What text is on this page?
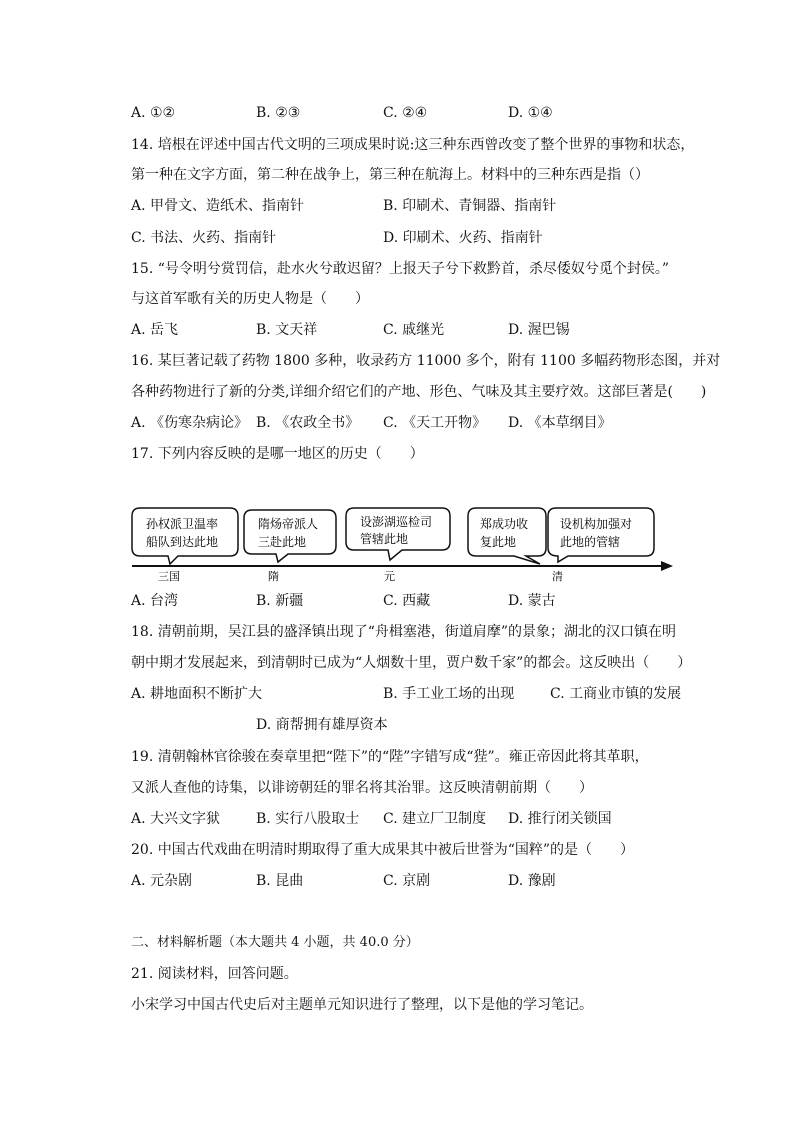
A. ①②	B. ②③	C. ②④	D. ①④
14. 培根在评述中国古代文明的三项成果时说:这三种东西曾改变了整个世界的事物和状态，
第一种在文字方面，第二种在战争上，第三种在航海上。材料中的三种东西是指（）
A. 甲骨文、造纸术、指南针	B. 印刷术、青铜器、指南针
C. 书法、火药、指南针	D. 印刷术、火药、指南针
15. “号令明兮赏罚信，赴水火兮敢迟留？上报天子兮下救黔首，杀尽倭奴兮觅个封侯。”
与这首军歌有关的历史人物是（　　）
A. 岳飞	B. 文天祥	C. 戚继光	D. 渥巴锡
16. 某巨著记载了药物 1800 多种，收录药方 11000 多个，附有 1100 多幅药物形态图，并对
各种药物进行了新的分类,详细介绍它们的产地、形色、气味及其主要疗效。这部巨著是(　　)
A. 《伤寒杂病论》 B. 《农政全书》 C. 《天工开物》 D. 《本草纲目》
17. 下列内容反映的是哪一地区的历史（　　）
孙权派卫温率
船队到达此地
隋炀帝派人
三赴此地
设澎湖巡检司
管辖此地
郑成功收
复此地
设机构加强对
此地的管辖
三国	隋	元	清
A. 台湾	B. 新疆	C. 西藏	D. 蒙古
18. 清朝前期，吴江县的盛泽镇出现了“舟楫塞港，街道肩摩”的景象；湖北的汉口镇在明
朝中期才发展起来，到清朝时已成为“人烟数十里，贾户数千家”的都会。这反映出（　　）
A. 耕地面积不断扩大	B. 手工业工场的出现	C. 工商业市镇的发展
D. 商帮拥有雄厚资本
19. 清朝翰林官徐骏在奏章里把“陛下”的“陛”字错写成“狴”。雍正帝因此将其革职，
又派人查他的诗集，以诽谤朝廷的罪名将其治罪。这反映清朝前期（　　）
A. 大兴文字狱	B. 实行八股取士 C. 建立厂卫制度 D. 推行闭关锁国
20. 中国古代戏曲在明清时期取得了重大成果其中被后世誉为“国粹”的是（　　）
A. 元杂剧	B. 昆曲	C. 京剧	D. 豫剧
二、材料解析题（本大题共 4 小题，共 40.0 分）
21. 阅读材料，回答问题。
小宋学习中国古代史后对主题单元知识进行了整理，以下是他的学习笔记。
